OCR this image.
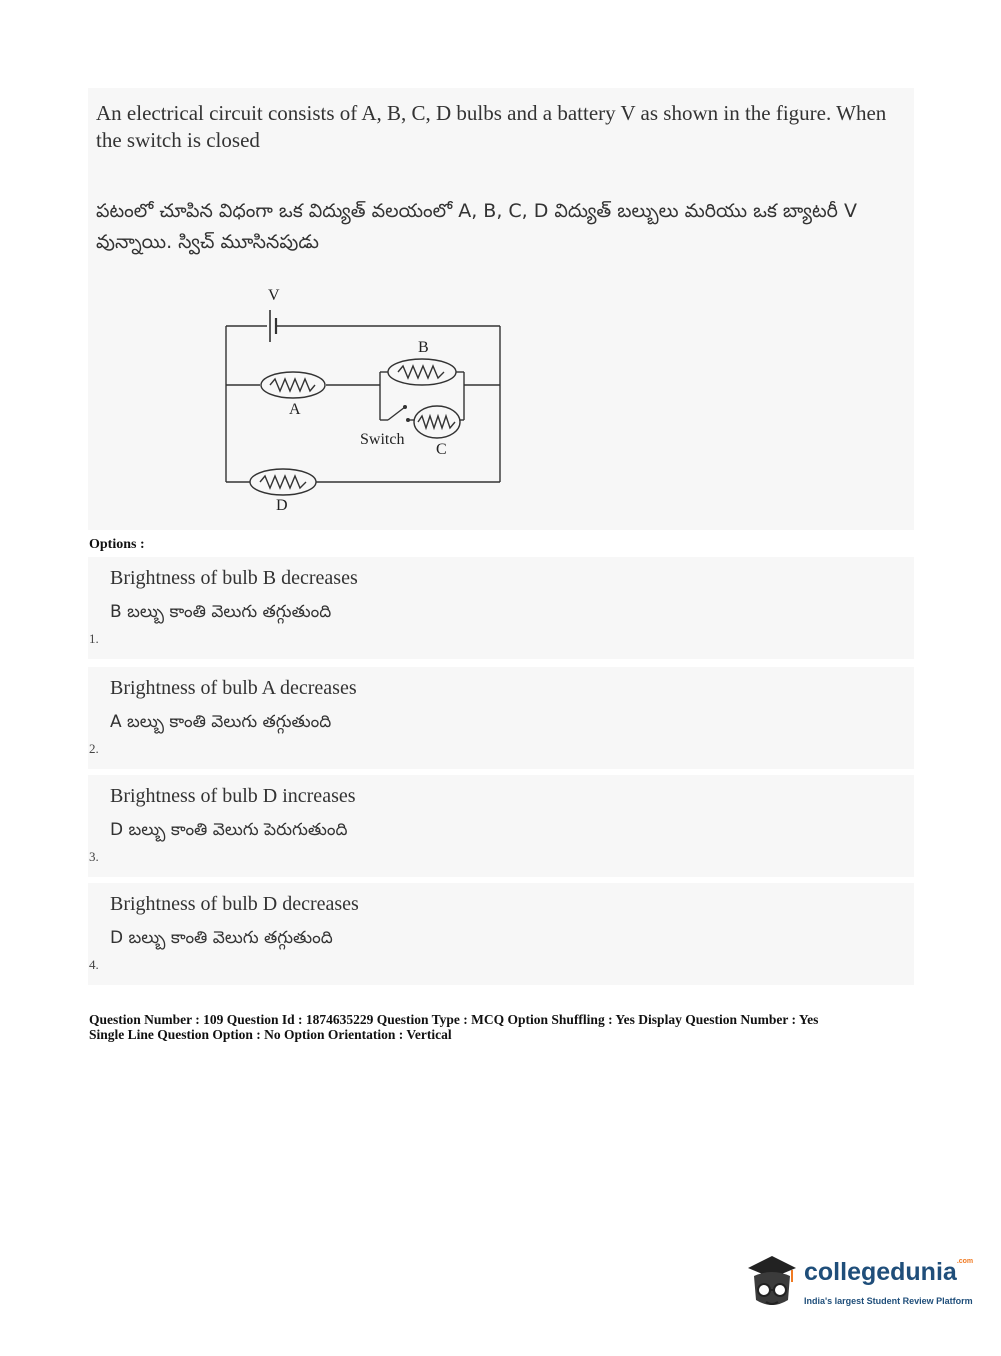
An electrical circuit consists of A, B, C, D bulbs and a battery V as shown in the figure. When the switch is closed
పటంలో చూపిన విధంగా ఒక విద్యుత్ వలయంలో A, B, C, D విద్యుత్ బల్బులు మరియు ఒక బ్యాటరీ V వున్నాయి. స్విచ్ మూసినపుడు
V
A
B
C
D
Switch
Options :
Brightness of bulb B decreases
B బల్బు కాంతి వెలుగు తగ్గుతుంది
1.
Brightness of bulb A decreases
A బల్బు కాంతి వెలుగు తగ్గుతుంది
2.
Brightness of bulb D increases
D బల్బు కాంతి వెలుగు పెరుగుతుంది
3.
Brightness of bulb D decreases
D బల్బు కాంతి వెలుగు తగ్గుతుంది
4.
Question Number : 109 Question Id : 1874635229 Question Type : MCQ Option Shuffling : Yes Display Question Number : Yes
Single Line Question Option : No Option Orientation : Vertical
collegedunia$^{.com}$
India's largest Student Review Platform
